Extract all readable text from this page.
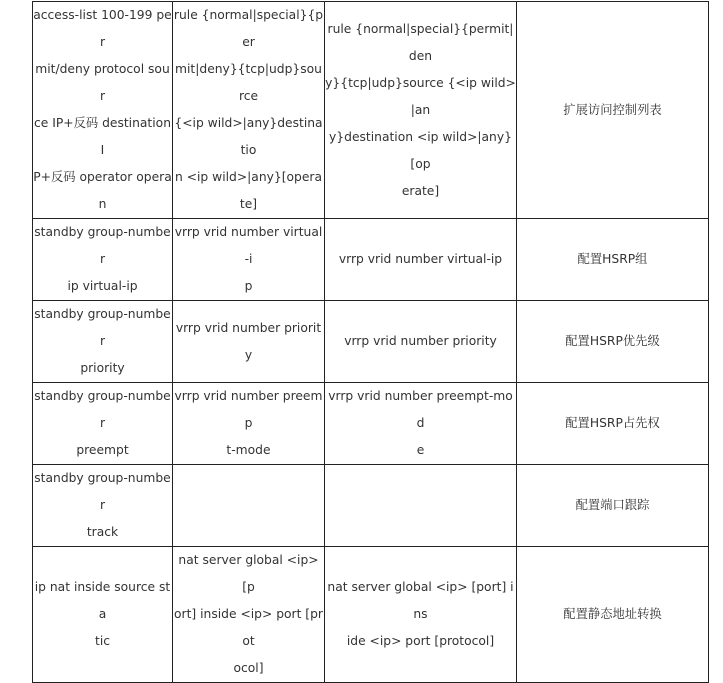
access-list 100-199 per
mit/deny protocol sour
ce IP+反码 destination I
P+反码 operator operan	rule {normal|special}{per
mit|deny}{tcp|udp}source
{<ip wild>|any}destinatio
n <ip wild>|any}[operate]	rule {normal|special}{permit|den
y}{tcp|udp}source {<ip wild>|an
y}destination <ip wild>|any}[op
erate]	扩展访问控制列表
standby group-number
ip virtual-ip	vrrp vrid number virtual-i
p	vrrp vrid number virtual-ip	配置HSRP组
standby group-number
priority	vrrp vrid number priority	vrrp vrid number priority	配置HSRP优先级
standby group-number
preempt	vrrp vrid number preemp
t-mode	vrrp vrid number preempt-mod
e	配置HSRP占先权
standby group-number
track			配置端口跟踪
ip nat inside source sta
tic	nat server global <ip> [p
ort] inside <ip> port [prot
ocol]	nat server global <ip> [port] ins
ide <ip> port [protocol]	配置静态地址转换
